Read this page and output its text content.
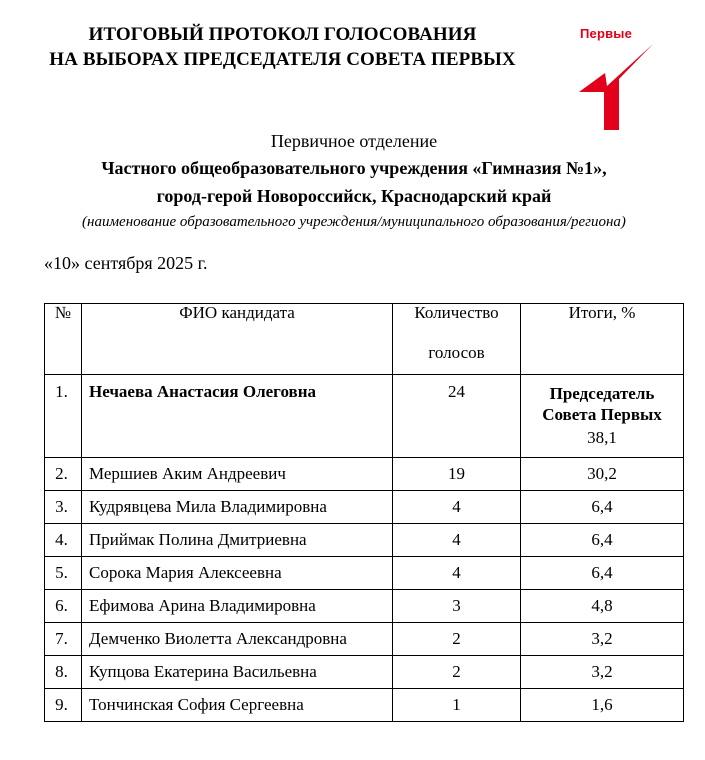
Первые
ИТОГОВЫЙ ПРОТОКОЛ ГОЛОСОВАНИЯ
НА ВЫБОРАХ ПРЕДСЕДАТЕЛЯ СОВЕТА ПЕРВЫХ
Первичное отделение
Частного общеобразовательного учреждения «Гимназия №1»,
город-герой Новороссийск, Краснодарский край
(наименование образовательного учреждения/муниципального образования/региона)
«10» сентября 2025 г.
№	ФИО кандидата	Количество
голосов	Итоги, %
1.	Нечаева Анастасия Олеговна	24	Председатель
Совета Первых
38,1

2.	Мершиев Аким Андреевич	19	30,2
3.	Кудрявцева Мила Владимировна	4	6,4
4.	Приймак Полина Дмитриевна	4	6,4
5.	Сорока Мария Алексеевна	4	6,4
6.	Ефимова Арина Владимировна	3	4,8
7.	Демченко Виолетта Александровна	2	3,2
8.	Купцова Екатерина Васильевна	2	3,2
9.	Тончинская София Сергеевна	1	1,6
